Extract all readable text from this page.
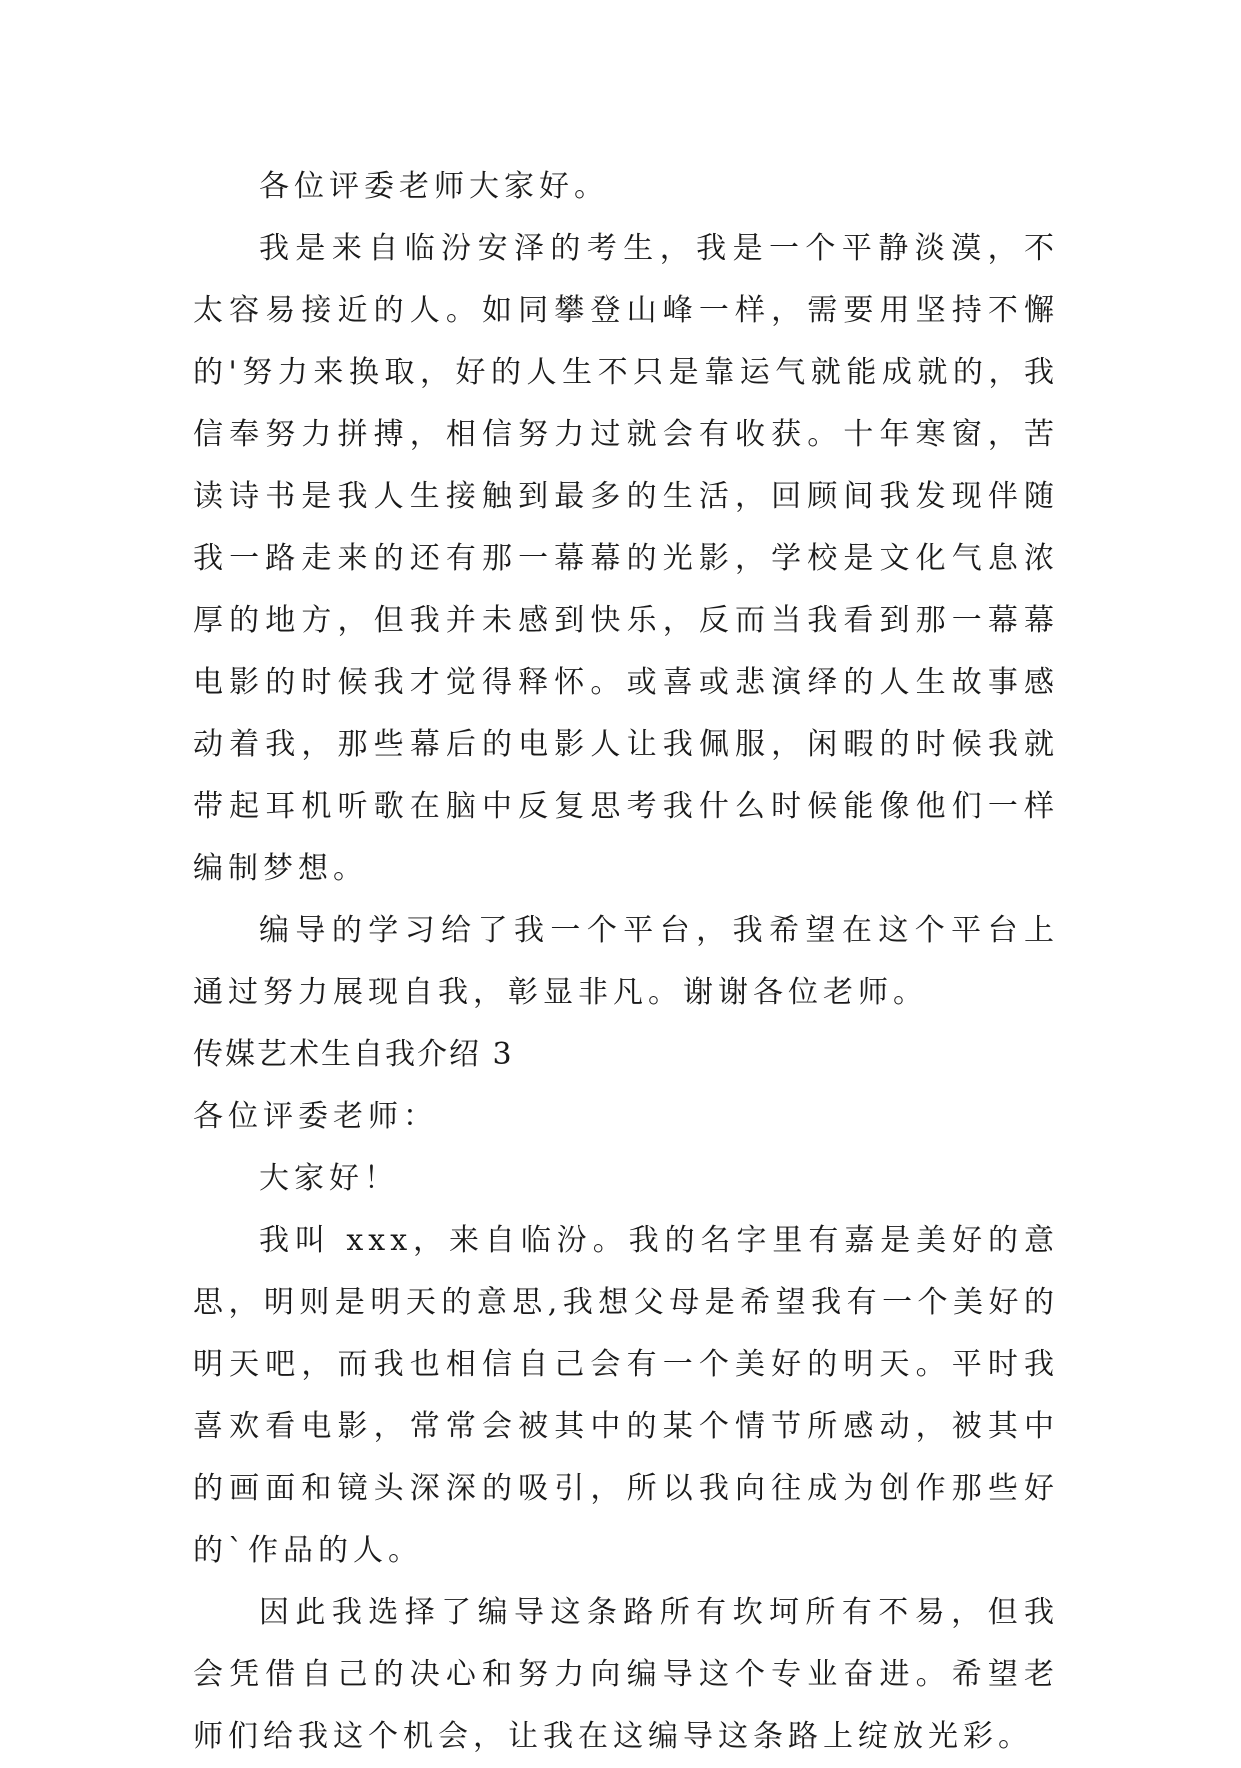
各位评委老师大家好。

我是来自临汾安泽的考生，我是一个平静淡漠，不太容易接近的人。如同攀登山峰一样，需要用坚持不懈的'努力来换取，好的人生不只是靠运气就能成就的，我信奉努力拼搏，相信努力过就会有收获。十年寒窗，苦读诗书是我人生接触到最多的生活，回顾间我发现伴随我一路走来的还有那一幕幕的光影，学校是文化气息浓厚的地方，但我并未感到快乐，反而当我看到那一幕幕电影的时候我才觉得释怀。或喜或悲演绎的人生故事感动着我，那些幕后的电影人让我佩服，闲暇的时候我就带起耳机听歌在脑中反复思考我什么时候能像他们一样编制梦想。

编导的学习给了我一个平台，我希望在这个平台上通过努力展现自我，彰显非凡。谢谢各位老师。

传媒艺术生自我介绍 3

各位评委老师：

大家好！

我叫 xxx，来自临汾。我的名字里有嘉是美好的意思，明则是明天的意思,我想父母是希望我有一个美好的明天吧，而我也相信自己会有一个美好的明天。平时我喜欢看电影，常常会被其中的某个情节所感动，被其中的画面和镜头深深的吸引，所以我向往成为创作那些好的`作品的人。

因此我选择了编导这条路所有坎坷所有不易，但我会凭借自己的决心和努力向编导这个专业奋进。希望老师们给我这个机会，让我在这编导这条路上绽放光彩。
